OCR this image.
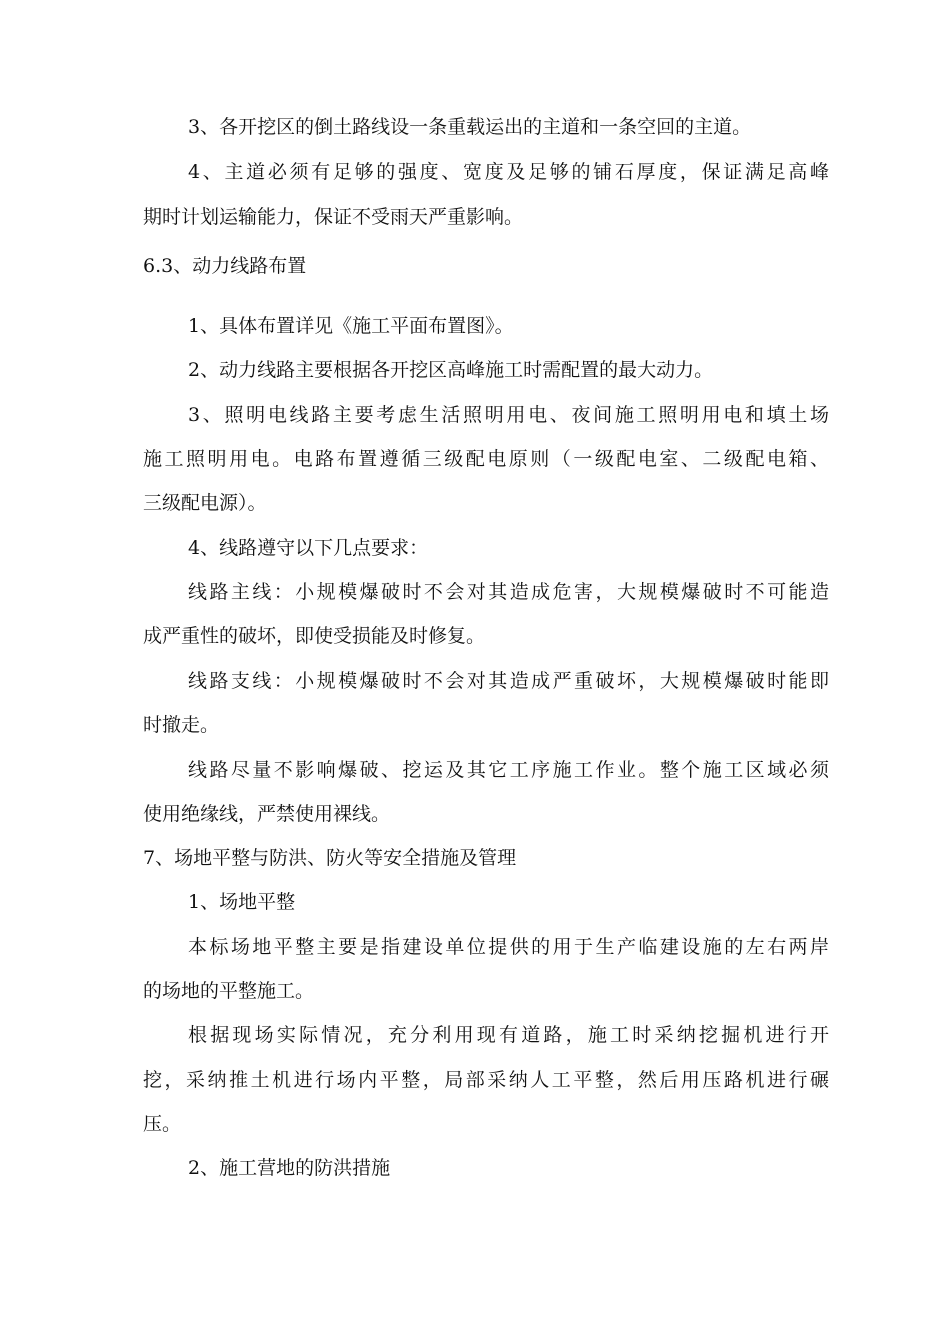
3、各开挖区的倒土路线设一条重载运出的主道和一条空回的主道。
4、主道必须有足够的强度、宽度及足够的铺石厚度，保证满足高峰
期时计划运输能力，保证不受雨天严重影响。
6.3、动力线路布置
1、具体布置详见《施工平面布置图》。
2、动力线路主要根据各开挖区高峰施工时需配置的最大动力。
3、照明电线路主要考虑生活照明用电、夜间施工照明用电和填土场
施工照明用电。电路布置遵循三级配电原则（一级配电室、二级配电箱、
三级配电源）。
4、线路遵守以下几点要求：
线路主线：小规模爆破时不会对其造成危害，大规模爆破时不可能造
成严重性的破坏，即使受损能及时修复。
线路支线：小规模爆破时不会对其造成严重破坏，大规模爆破时能即
时撤走。
线路尽量不影响爆破、挖运及其它工序施工作业。整个施工区域必须
使用绝缘线，严禁使用裸线。
7、场地平整与防洪、防火等安全措施及管理
1、场地平整
本标场地平整主要是指建设单位提供的用于生产临建设施的左右两岸
的场地的平整施工。
根据现场实际情况，充分利用现有道路，施工时采纳挖掘机进行开
挖，采纳推土机进行场内平整，局部采纳人工平整，然后用压路机进行碾
压。
2、施工营地的防洪措施
